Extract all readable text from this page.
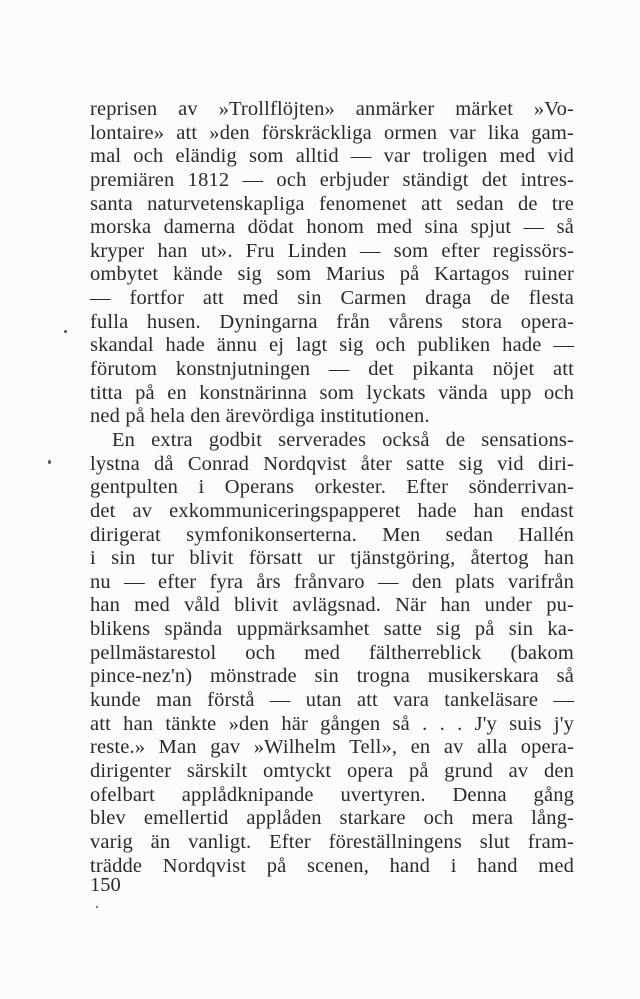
reprisen av »Trollflöjten» anmärker märket »Vo-
lontaire» att »den förskräckliga ormen var lika gam-
mal och eländig som alltid — var troligen med vid
premiären 1812 — och erbjuder ständigt det intres-
santa naturvetenskapliga fenomenet att sedan de tre
morska damerna dödat honom med sina spjut — så
kryper han ut». Fru Linden — som efter regissörs-
ombytet kände sig som Marius på Kartagos ruiner
— fortfor att med sin Carmen draga de flesta
fulla husen. Dyningarna från vårens stora opera-
skandal hade ännu ej lagt sig och publiken hade —
förutom konstnjutningen — det pikanta nöjet att
titta på en konstnärinna som lyckats vända upp och
ned på hela den ärevördiga institutionen.
En extra godbit serverades också de sensations-
lystna då Conrad Nordqvist åter satte sig vid diri-
gentpulten i Operans orkester. Efter sönderrivan-
det av exkommuniceringspapperet hade han endast
dirigerat symfonikonserterna. Men sedan Hallén
i sin tur blivit försatt ur tjänstgöring, återtog han
nu — efter fyra års frånvaro — den plats varifrån
han med våld blivit avlägsnad. När han under pu-
blikens spända uppmärksamhet satte sig på sin ka-
pellmästarestol och med fältherreblick (bakom
pince-nez'n) mönstrade sin trogna musikerskara så
kunde man förstå — utan att vara tankeläsare —
att han tänkte »den här gången så . . . J'y suis j'y
reste.» Man gav »Wilhelm Tell», en av alla opera-
dirigenter särskilt omtyckt opera på grund av den
ofelbart applådknipande uvertyren. Denna gång
blev emellertid applåden starkare och mera lång-
varig än vanligt. Efter föreställningens slut fram-
trädde Nordqvist på scenen, hand i hand med
150
